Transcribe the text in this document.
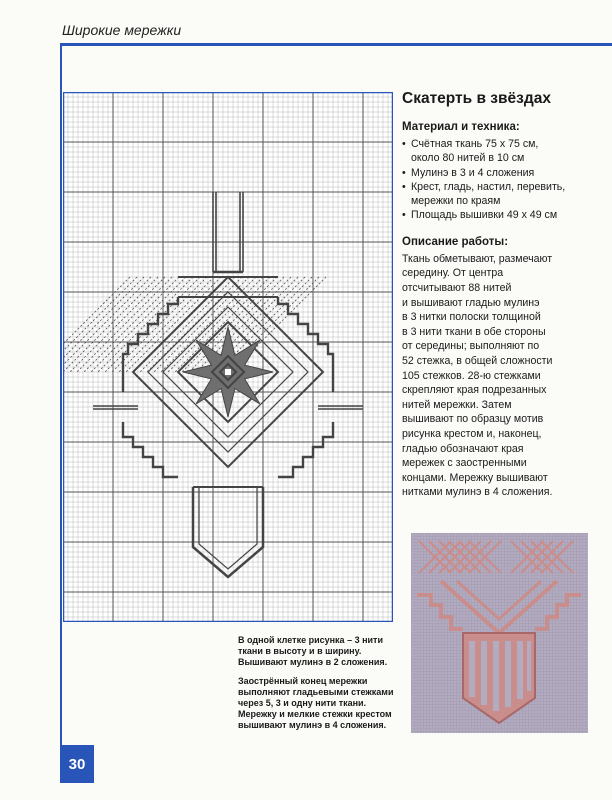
Широкие мережки
Скатерть в звёздах
Материал и техника:
• Счётная ткань 75 х 75 см,
около 80 нитей в 10 см
• Мулинэ в 3 и 4 сложения
• Крест, гладь, настил, перевить,
мережки по краям
• Площадь вышивки 49 х 49 см
Описание работы:

Ткань обметывают, размечают
середину. От центра
отсчитывают 88 нитей
и вышивают гладью мулинэ
в 3 нитки полоски толщиной
в 3 нити ткани в обе стороны
от середины; выполняют по
52 стежка, в общей сложности
105 стежков. 28-ю стежками
скрепляют края подрезанных
нитей мережки. Затем
вышивают по образцу мотив
рисунка крестом и, наконец,
гладью обозначают края
мережек с заостренными
концами. Мережку вышивают
нитками мулинэ в 4 сложения.

В одной клетке рисунка – 3 нити
ткани в высоту и в ширину.
Вышивают мулинэ в 2 сложения.

Заострённый конец мережки
выполняют гладьевыми стежками
через 5, 3 и одну нити ткани.
Мережку и мелкие стежки крестом
вышивают мулинэ в 4 сложения.

30
